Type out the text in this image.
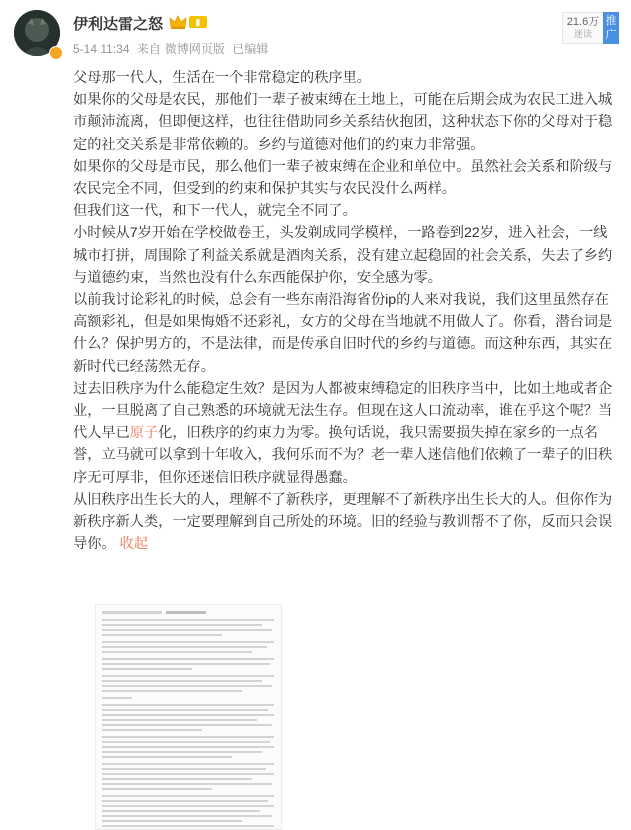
伊利达雷之怒	▮
5-14 11:34 来自 微博网页版 已编辑
21.6万
迷读
推广

父母那一代人，生活在一个非常稳定的秩序里。

如果你的父母是农民，那他们一辈子被束缚在土地上，可能在后期会成为农民工进入城市颠沛流离，但即便这样，也往往借助同乡关系结伙抱团，这种状态下你的父母对于稳定的社交关系是非常依赖的。乡约与道德对他们的约束力非常强。

如果你的父母是市民，那么他们一辈子被束缚在企业和单位中。虽然社会关系和阶级与农民完全不同，但受到的约束和保护其实与农民没什么两样。

但我们这一代，和下一代人，就完全不同了。

小时候从7岁开始在学校做卷王，头发剃成同学模样，一路卷到22岁，进入社会，一线城市打拼，周围除了利益关系就是酒肉关系，没有建立起稳固的社会关系，失去了乡约与道德约束，当然也没有什么东西能保护你，安全感为零。

以前我讨论彩礼的时候，总会有一些东南沿海省份ip的人来对我说，我们这里虽然存在高额彩礼，但是如果悔婚不还彩礼，女方的父母在当地就不用做人了。你看，潜台词是什么？保护男方的，不是法律，而是传承自旧时代的乡约与道德。而这种东西，其实在新时代已经荡然无存。

过去旧秩序为什么能稳定生效？是因为人都被束缚稳定的旧秩序当中，比如土地或者企业，一旦脱离了自己熟悉的环境就无法生存。但现在这人口流动率，谁在乎这个呢？当代人早已原子化，旧秩序的约束力为零。换句话说，我只需要损失掉在家乡的一点名誉，立马就可以拿到十年收入，我何乐而不为？老一辈人迷信他们依赖了一辈子的旧秩序无可厚非，但你还迷信旧秩序就显得愚蠢。

从旧秩序出生长大的人，理解不了新秩序，更理解不了新秩序出生长大的人。但你作为新秩序新人类，一定要理解到自己所处的环境。旧的经验与教训帮不了你，反而只会误导你。 收起
